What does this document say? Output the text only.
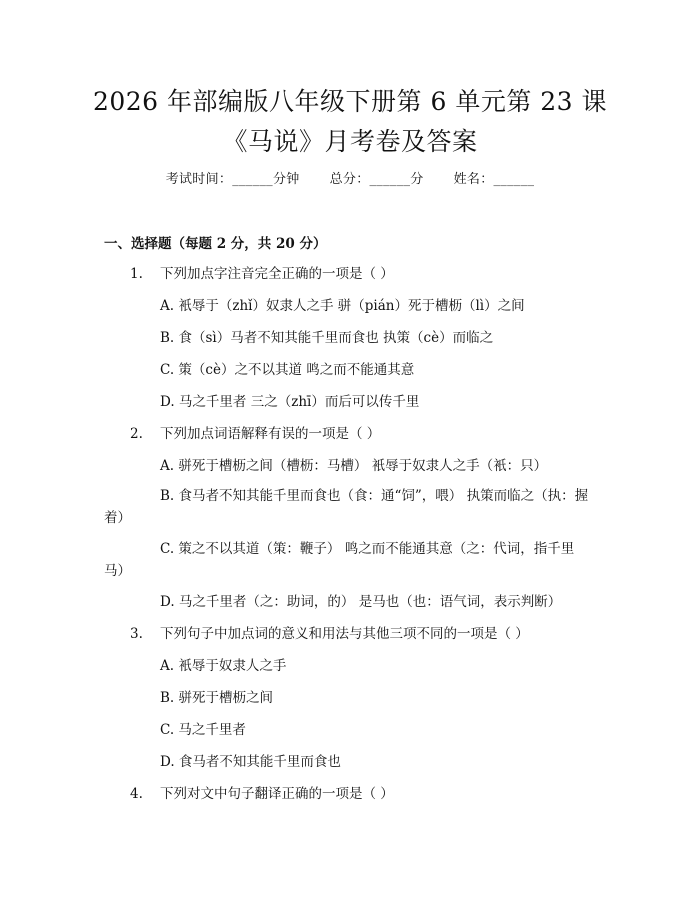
2026 年部编版八年级下册第 6 单元第 23 课
《马说》月考卷及答案
考试时间：______分钟 总分：______分 姓名：______
一、选择题（每题 2 分，共 20 分）
1. 下列加点字注音完全正确的一项是（ ）
A. 衹辱于（zhǐ）奴隶人之手 骈（pián）死于槽枥（lì）之间
B. 食（sì）马者不知其能千里而食也 执策（cè）而临之
C. 策（cè）之不以其道 鸣之而不能通其意
D. 马之千里者 三之（zhī）而后可以传千里
2. 下列加点词语解释有误的一项是（ ）
A. 骈死于槽枥之间（槽枥：马槽） 衹辱于奴隶人之手（衹：只）
B. 食马者不知其能千里而食也（食：通“饲”，喂） 执策而临之（执：握着）
C. 策之不以其道（策：鞭子） 鸣之而不能通其意（之：代词，指千里马）
D. 马之千里者（之：助词，的） 是马也（也：语气词，表示判断）
3. 下列句子中加点词的意义和用法与其他三项不同的一项是（ ）
A. 衹辱于奴隶人之手
B. 骈死于槽枥之间
C. 马之千里者
D. 食马者不知其能千里而食也
4. 下列对文中句子翻译正确的一项是（ ）
